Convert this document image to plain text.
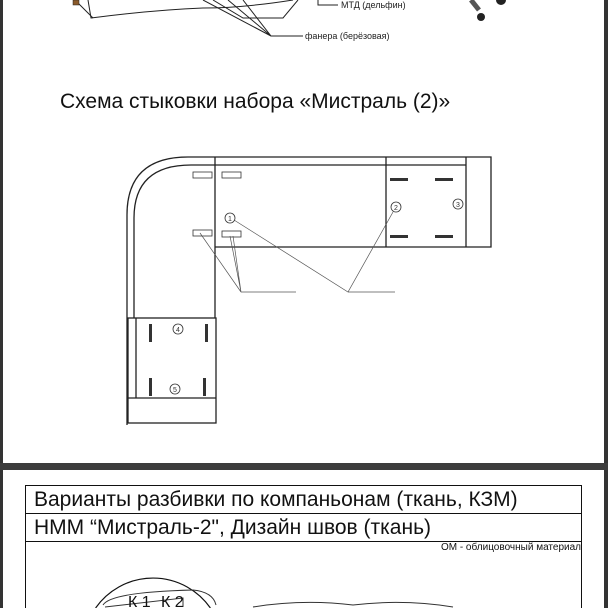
1
2	3
4
5
МТД (дельфин)
фанера (берёзовая)
Схема стыковки набора «Мистраль (2)»
Варианты разбивки по компаньонам (ткань, КЗМ)
НММ “Мистраль-2", Дизайн швов (ткань)
ОМ - облицовочный материал
К 1 К 2
